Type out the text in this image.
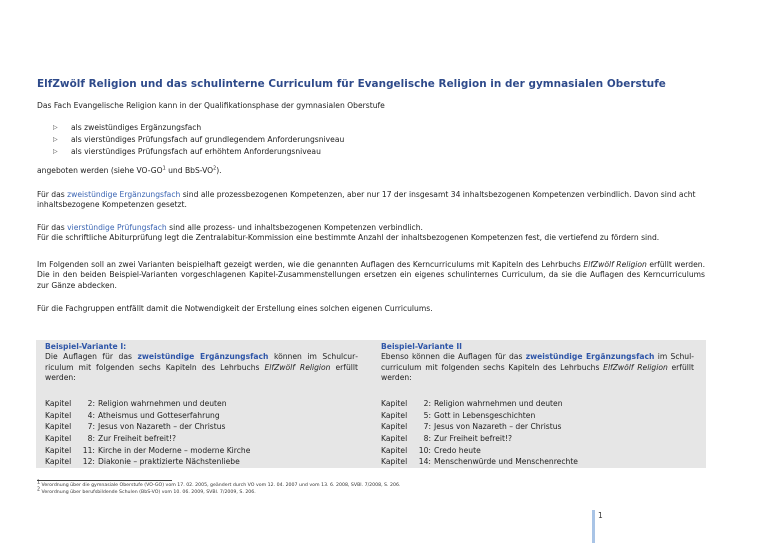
ElfZwölf Religion und das schulinterne Curriculum für Evangelische Religion in der gymnasialen Oberstufe

Das Fach Evangelische Religion kann in der Qualifikationsphase der gymnasialen Oberstufe

▷	als zweistündiges Ergänzungsfach
▷	als vierstündiges Prüfungsfach auf grundlegendem Anforderungsniveau
▷	als vierstündiges Prüfungsfach auf erhöhtem Anforderungsniveau

angeboten werden (siehe $VO-GO^1$ und BbS-$VO^2$).

Für das zweistündige Ergänzungsfach sind alle prozessbezogenen Kompetenzen, aber nur 17 der insgesamt 34 inhaltsbezogenen Kompetenzen verbindlich. Davon sind acht inhaltsbezogene Kompetenzen gesetzt.

Für das vierstündige Prüfungsfach sind alle prozess- und inhaltsbezogenen Kompetenzen verbindlich.
Für die schriftliche Abiturprüfung legt die Zentralabitur-Kommission eine bestimmte Anzahl der inhaltsbezogenen Kompetenzen fest, die vertiefend zu fördern sind.

Im Folgenden soll an zwei Varianten beispielhaft gezeigt werden, wie die genannten Auflagen des Kerncurriculums mit Kapiteln des Lehrbuchs ElfZwölf Religion erfüllt werden. Die in den beiden Beispiel-Varianten vorgeschlagenen Kapitel-Zusammenstellungen ersetzen ein eigenes schulinternes Curriculum, da sie die Auflagen des Kerncurriculums zur Gänze abdecken.

Für die Fachgruppen entfällt damit die Notwendigkeit der Erstellung eines solchen eigenen Curriculums.

Beispiel-Variante I:

Die Auflagen für das zweistündige Ergänzungsfach können im Schulcurriculum mit folgenden sechs Kapiteln des Lehrbuchs ElfZwölf Religion erfüllt werden:

Beispiel-Variante II

Ebenso können die Auflagen für das zweistündige Ergänzungsfach im Schulcurriculum mit folgenden sechs Kapiteln des Lehrbuchs ElfZwölf Religion erfüllt werden:

Kapitel	2: Religion wahrnehmen und deuten
Kapitel	4: Atheismus und Gotteserfahrung
Kapitel	7: Jesus von Nazareth – der Christus
Kapitel	8: Zur Freiheit befreit!?
Kapitel	11: Kirche in der Moderne – moderne Kirche
Kapitel	12: Diakonie – praktizierte Nächstenliebe
Kapitel	2: Religion wahrnehmen und deuten
Kapitel	5: Gott in Lebensgeschichten
Kapitel	7: Jesus von Nazareth – der Christus
Kapitel	8: Zur Freiheit befreit!?
Kapitel	10: Credo heute
Kapitel	14: Menschenwürde und Menschenrechte
$^1$ Verordnung über die gymnasiale Oberstufe (VO-GO) vom 17. 02. 2005, geändert durch VO vom 12. 04. 2007 und vom 13. 6. 2008, SVBl. 7/2008, S. 206.
$^2$ Verordnung über berufsbildende Schulen (BbS-VO) vom 10. 06. 2009, SVBl. 7/2009, S. 206.
1
